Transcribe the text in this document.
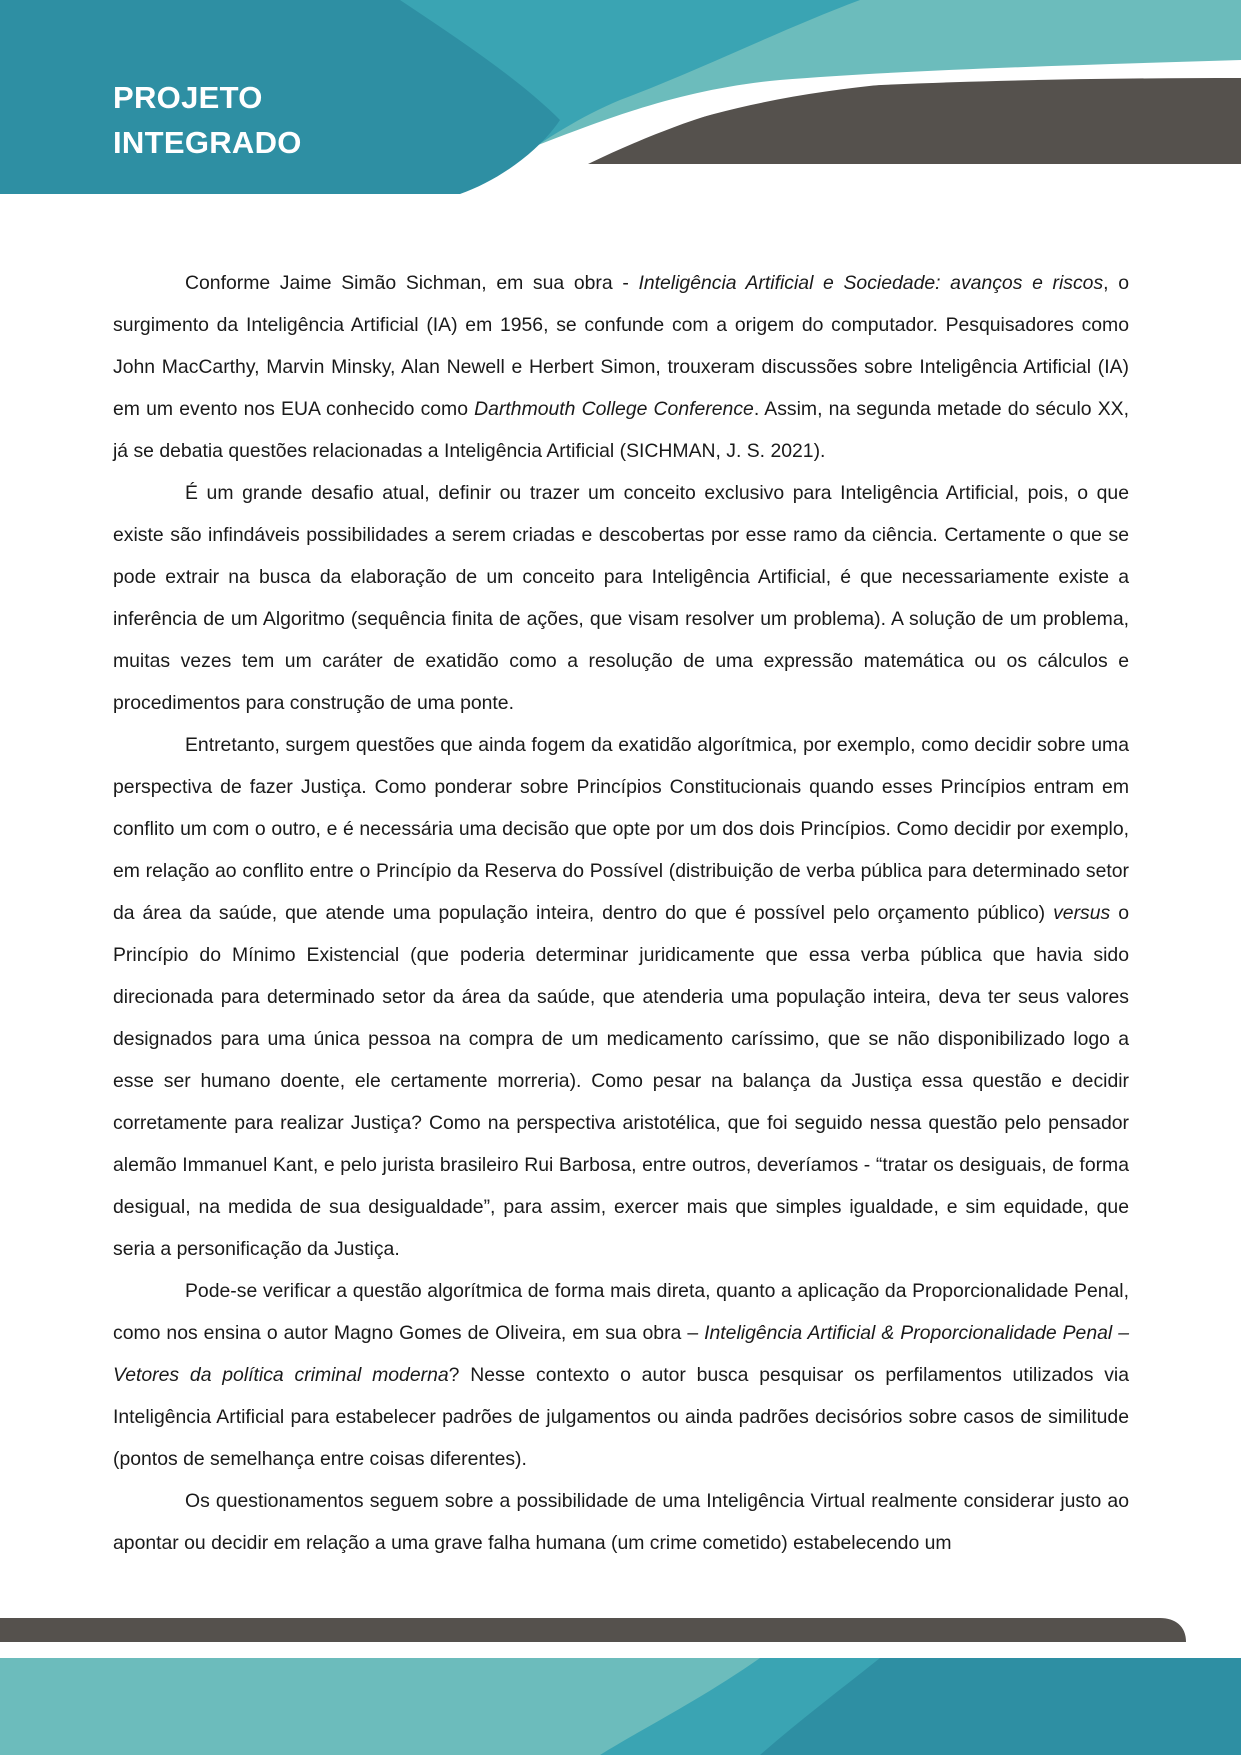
PROJETO
INTEGRADO

Conforme Jaime Simão Sichman, em sua obra - Inteligência Artificial e Sociedade: avanços e riscos, o surgimento da Inteligência Artificial (IA) em 1956, se confunde com a origem do computador. Pesquisadores como John MacCarthy, Marvin Minsky, Alan Newell e Herbert Simon, trouxeram discussões sobre Inteligência Artificial (IA) em um evento nos EUA conhecido como Darthmouth College Conference. Assim, na segunda metade do século XX, já se debatia questões relacionadas a Inteligência Artificial (SICHMAN, J. S. 2021).

É um grande desafio atual, definir ou trazer um conceito exclusivo para Inteligência Artificial, pois, o que existe são infindáveis possibilidades a serem criadas e descobertas por esse ramo da ciência. Certamente o que se pode extrair na busca da elaboração de um conceito para Inteligência Artificial, é que necessariamente existe a inferência de um Algoritmo (sequência finita de ações, que visam resolver um problema). A solução de um problema, muitas vezes tem um caráter de exatidão como a resolução de uma expressão matemática ou os cálculos e procedimentos para construção de uma ponte.

Entretanto, surgem questões que ainda fogem da exatidão algorítmica, por exemplo, como decidir sobre uma perspectiva de fazer Justiça. Como ponderar sobre Princípios Constitucionais quando esses Princípios entram em conflito um com o outro, e é necessária uma decisão que opte por um dos dois Princípios. Como decidir por exemplo, em relação ao conflito entre o Princípio da Reserva do Possível (distribuição de verba pública para determinado setor da área da saúde, que atende uma população inteira, dentro do que é possível pelo orçamento público) versus o Princípio do Mínimo Existencial (que poderia determinar juridicamente que essa verba pública que havia sido direcionada para determinado setor da área da saúde, que atenderia uma população inteira, deva ter seus valores designados para uma única pessoa na compra de um medicamento caríssimo, que se não disponibilizado logo a esse ser humano doente, ele certamente morreria). Como pesar na balança da Justiça essa questão e decidir corretamente para realizar Justiça? Como na perspectiva aristotélica, que foi seguido nessa questão pelo pensador alemão Immanuel Kant, e pelo jurista brasileiro Rui Barbosa, entre outros, deveríamos - “tratar os desiguais, de forma desigual, na medida de sua desigualdade”, para assim, exercer mais que simples igualdade, e sim equidade, que seria a personificação da Justiça.

Pode-se verificar a questão algorítmica de forma mais direta, quanto a aplicação da Proporcionalidade Penal, como nos ensina o autor Magno Gomes de Oliveira, em sua obra – Inteligência Artificial & Proporcionalidade Penal – Vetores da política criminal moderna? Nesse contexto o autor busca pesquisar os perfilamentos utilizados via Inteligência Artificial para estabelecer padrões de julgamentos ou ainda padrões decisórios sobre casos de similitude (pontos de semelhança entre coisas diferentes).

Os questionamentos seguem sobre a possibilidade de uma Inteligência Virtual realmente considerar justo ao apontar ou decidir em relação a uma grave falha humana (um crime cometido) estabelecendo um
